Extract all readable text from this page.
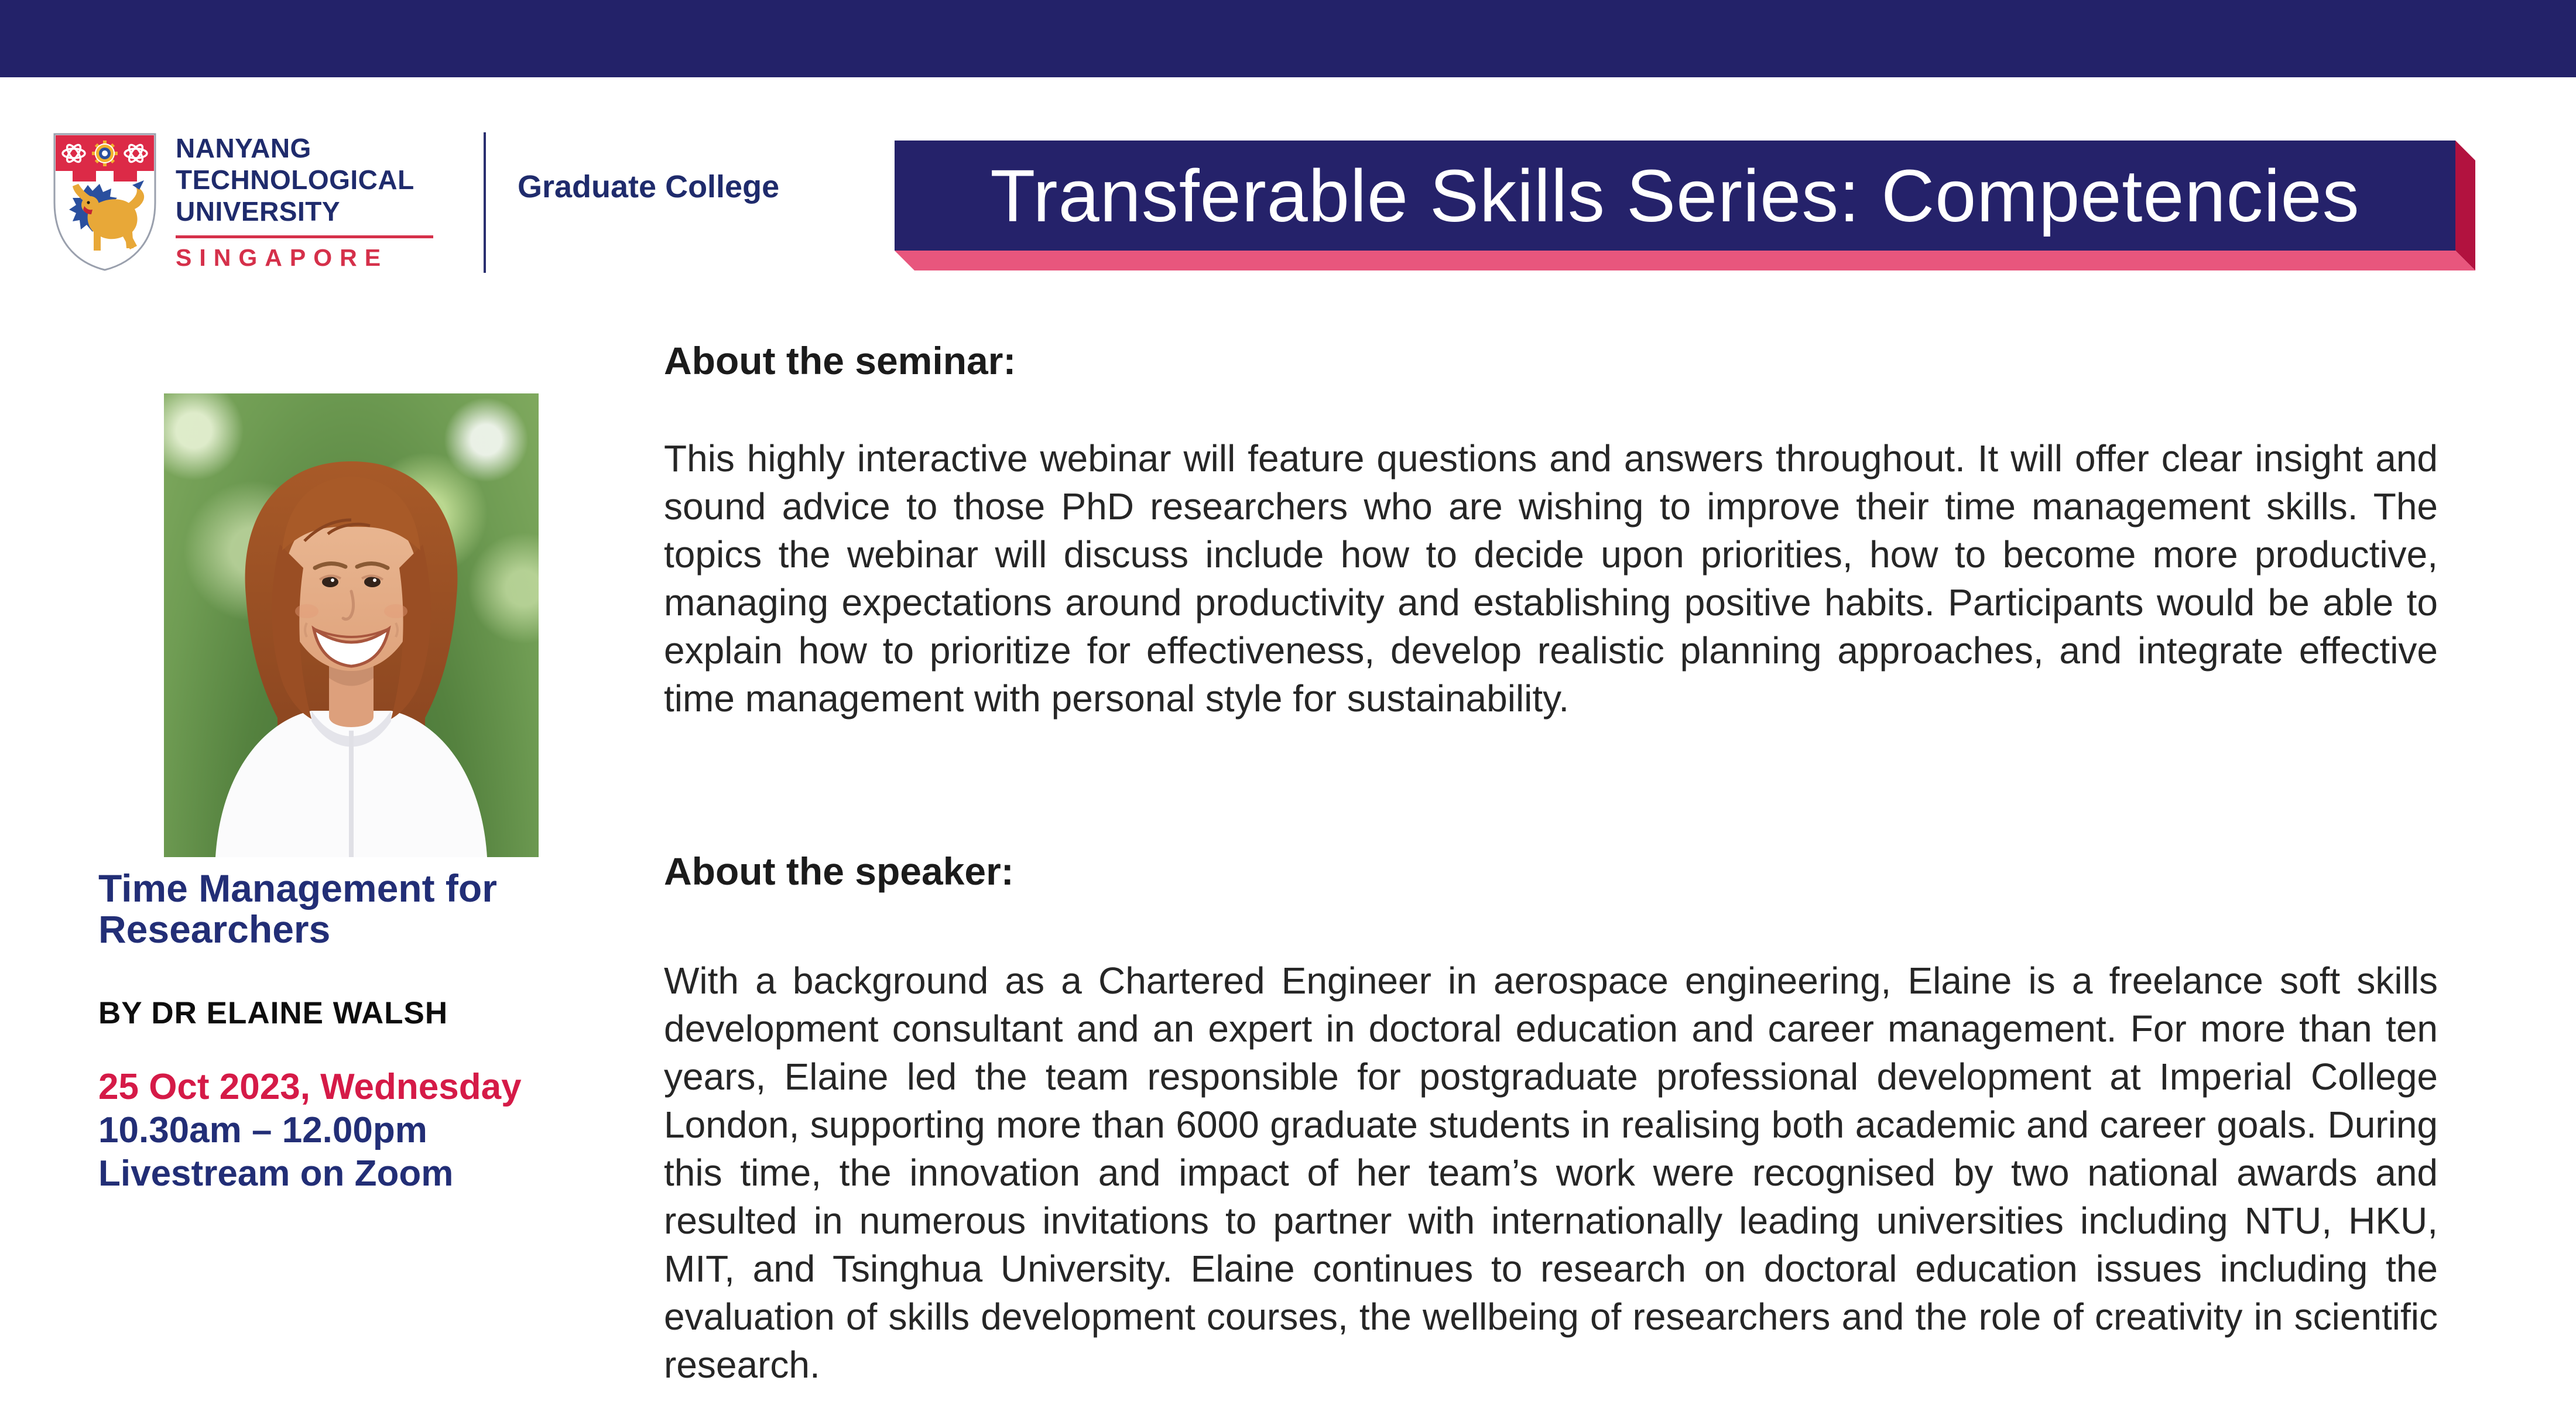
NANYANG
TECHNOLOGICAL
UNIVERSITY
SINGAPORE
Graduate College	Transferable Skills Series: Competencies
Time Management for Researchers
BY DR ELAINE WALSH
25 Oct 2023, Wednesday
10.30am – 12.00pm
Livestream on Zoom
About the seminar:

This highly interactive webinar will feature questions and answers throughout. It will offer clear insight and sound advice to those PhD researchers who are wishing to improve their time management skills. The topics the webinar will discuss include how to decide upon priorities, how to become more productive, managing expectations around productivity and establishing positive habits. Participants would be able to explain how to prioritize for effectiveness, develop realistic planning approaches, and integrate effective time management with personal style for sustainability.

About the speaker:

With a background as a Chartered Engineer in aerospace engineering, Elaine is a freelance soft skills development consultant and an expert in doctoral education and career management. For more than ten years, Elaine led the team responsible for postgraduate professional development at Imperial College London, supporting more than 6000 graduate students in realising both academic and career goals. During this time, the innovation and impact of her team’s work were recognised by two national awards and resulted in numerous invitations to partner with internationally leading universities including NTU, HKU, MIT, and Tsinghua University. Elaine continues to research on doctoral education issues including the evaluation of skills development courses, the wellbeing of researchers and the role of creativity in scientific research.
